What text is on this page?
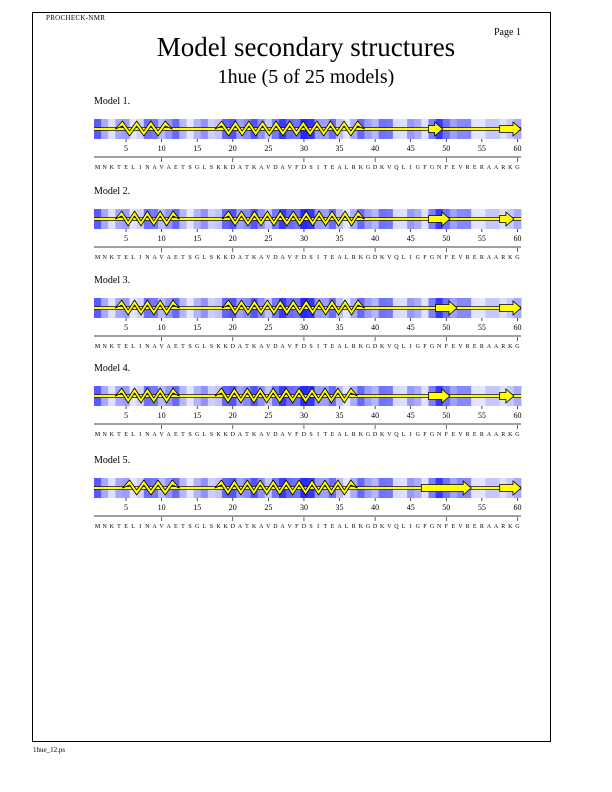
PROCHECK-NMR
Page 1
Model secondary structures
1hue (5 of 25 models)
1hue_12.ps
Model 1.
5	10	15	20	25	30	35	40	45	50	55	60
M N K T E L I N A V A E T S G L S K K D A T K A V D A V F D S I T E A L R K G D K V Q L I G F G N F E V R E R A A R K G
Model 2.
5	10	15	20	25	30	35	40	45	50	55	60
M N K T E L I N A V A E T S G L S K K D A T K A V D A V F D S I T E A L R K G D K V Q L I G F G N F E V R E R A A R K G
Model 3.
5	10	15	20	25	30	35	40	45	50	55	60
M N K T E L I N A V A E T S G L S K K D A T K A V D A V F D S I T E A L R K G D K V Q L I G F G N F E V R E R A A R K G
Model 4.
5	10	15	20	25	30	35	40	45	50	55	60
M N K T E L I N A V A E T S G L S K K D A T K A V D A V F D S I T E A L R K G D K V Q L I G F G N F E V R E R A A R K G
Model 5.
5	10	15	20	25	30	35	40	45	50	55	60
M N K T E L I N A V A E T S G L S K K D A T K A V D A V F D S I T E A L R K G D K V Q L I G F G N F E V R E R A A R K G
